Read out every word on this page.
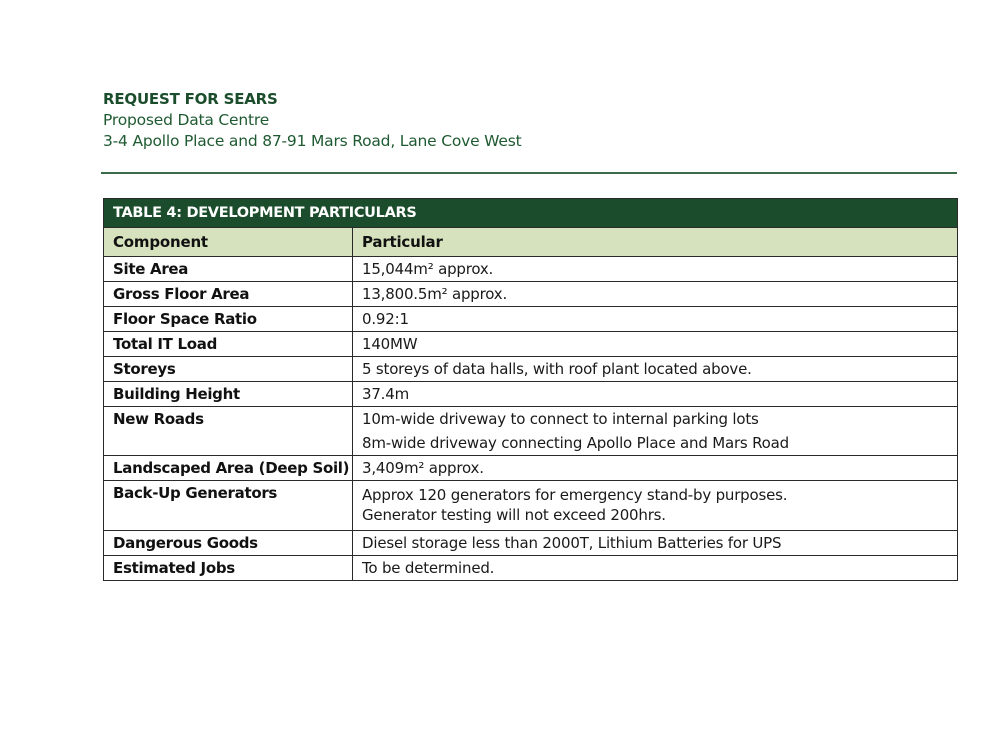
REQUEST FOR SEARS
Proposed Data Centre
3-4 Apollo Place and 87-91 Mars Road, Lane Cove West
TABLE 4: DEVELOPMENT PARTICULARS	
Component	Particular
Site Area	15,044m² approx.

Gross Floor Area	13,800.5m² approx.

Floor Space Ratio	0.92:1

Total IT Load	140MW

Storeys	5 storeys of data halls, with roof plant located above.

Building Height	37.4m

New Roads	10m-wide driveway to connect to internal parking lots
8m-wide driveway connecting Apollo Place and Mars Road

Landscaped Area (Deep Soil)	3,409m² approx.

Back-Up Generators	Approx 120 generators for emergency stand-by purposes.
Generator testing will not exceed 200hrs.

Dangerous Goods	Diesel storage less than 2000T, Lithium Batteries for UPS

Estimated Jobs	To be determined.
